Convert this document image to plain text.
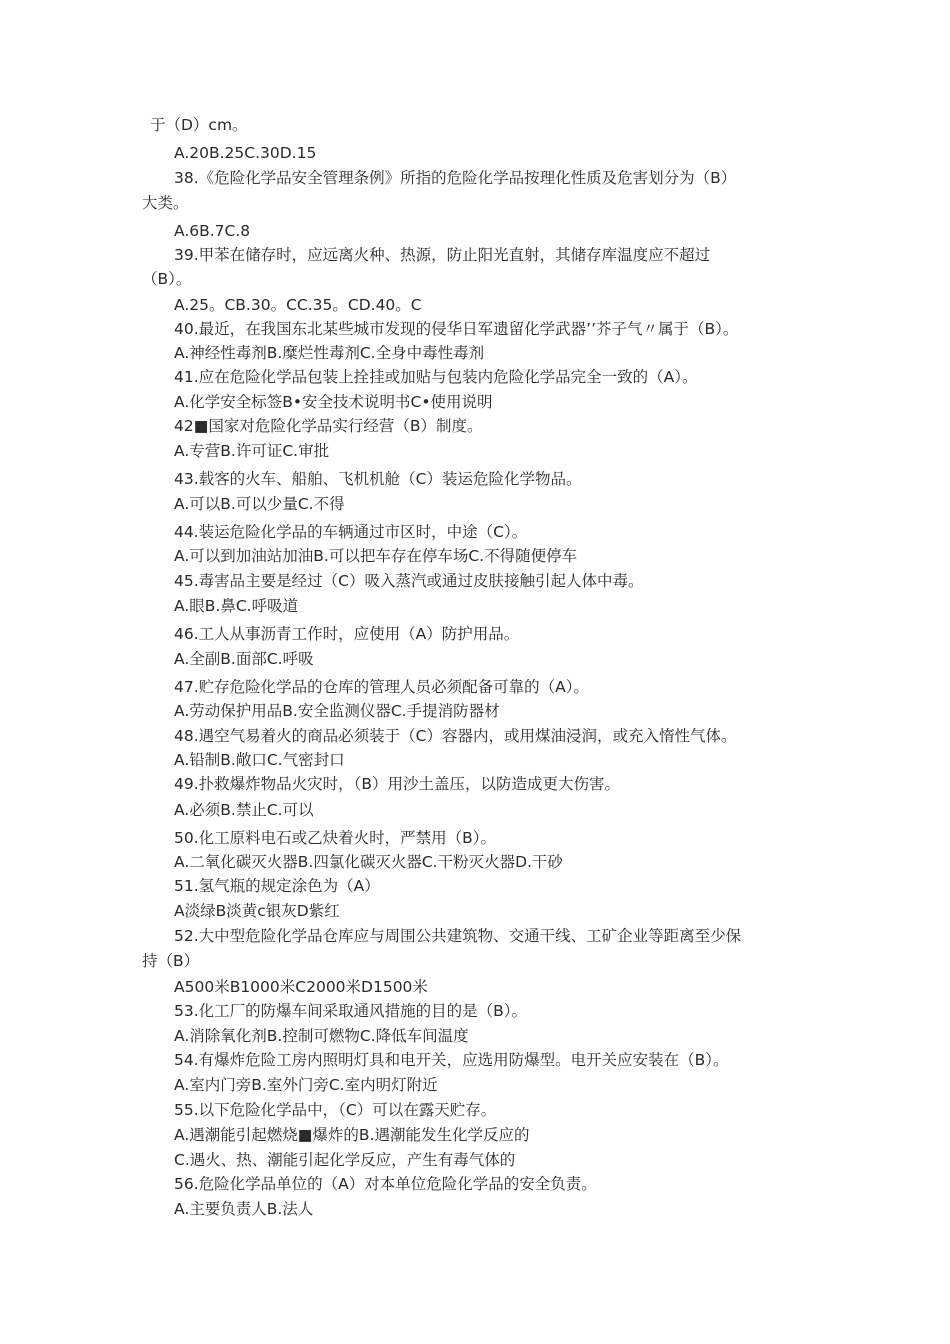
于（D）cm。
A.20B.25C.30D.15
38.《危险化学品安全管理条例》所指的危险化学品按理化性质及危害划分为（B）
大类。
A.6B.7C.8
39.甲苯在储存时，应远离火种、热源，防止阳光直射，其储存库温度应不超过
（B）。
A.25。CB.30。CC.35。CD.40。C
40.最近，在我国东北某些城市发现的侵华日军遗留化学武器’’芥子气〃属于（B）。
A.神经性毒剂B.糜烂性毒剂C.全身中毒性毒剂
41.应在危险化学品包装上拴挂或加贴与包装内危险化学品完全一致的（A）。
A.化学安全标签B•安全技术说明书C•使用说明
42■国家对危险化学品实行经营（B）制度。
A.专营B.许可证C.审批
43.载客的火车、船舶、飞机机舱（C）装运危险化学物品。
A.可以B.可以少量C.不得
44.装运危险化学品的车辆通过市区时，中途（C）。
A.可以到加油站加油B.可以把车存在停车场C.不得随便停车
45.毒害品主要是经过（C）吸入蒸汽或通过皮肤接触引起人体中毒。
A.眼B.鼻C.呼吸道
46.工人从事沥青工作时，应使用（A）防护用品。
A.全副B.面部C.呼吸
47.贮存危险化学品的仓库的管理人员必须配备可靠的（A）。
A.劳动保护用品B.安全监测仪器C.手提消防器材
48.遇空气易着火的商品必须装于（C）容器内，或用煤油浸润，或充入惰性气体。
A.铅制B.敞口C.气密封口
49.扑救爆炸物品火灾时，（B）用沙土盖压，以防造成更大伤害。
A.必须B.禁止C.可以
50.化工原料电石或乙炔着火时，严禁用（B）。
A.二氧化碳灭火器B.四氯化碳灭火器C.干粉灭火器D.干砂
51.氢气瓶的规定涂色为（A）
A淡绿B淡黄c银灰D紫红
52.大中型危险化学品仓库应与周围公共建筑物、交通干线、工矿企业等距离至少保
持（B）
A500米B1000米C2000米D1500米
53.化工厂的防爆车间采取通风措施的目的是（B）。
A.消除氧化剂B.控制可燃物C.降低车间温度
54.有爆炸危险工房内照明灯具和电开关，应选用防爆型。电开关应安装在（B）。
A.室内门旁B.室外门旁C.室内明灯附近
55.以下危险化学品中，（C）可以在露天贮存。
A.遇潮能引起燃烧■爆炸的B.遇潮能发生化学反应的
C.遇火、热、潮能引起化学反应，产生有毒气体的
56.危险化学品单位的（A）对本单位危险化学品的安全负责。
A.主要负责人B.法人
